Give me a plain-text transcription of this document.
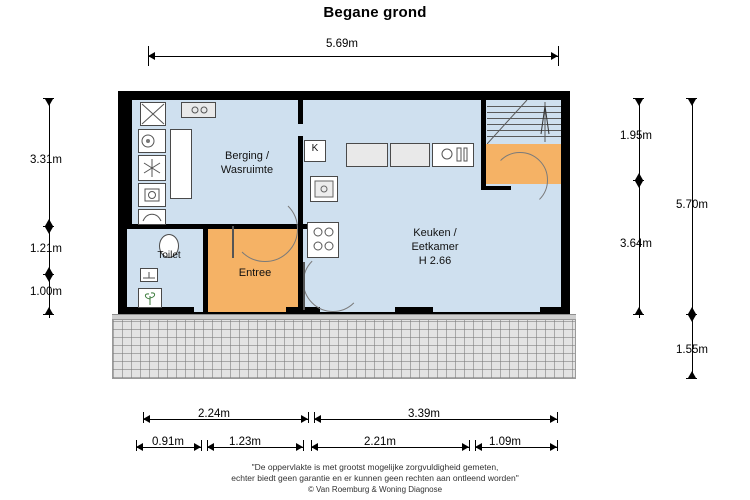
Begane grond
Berging /
Wasruimte
Keuken /
Eetkamer
H 2.66
Entree
Toilet
K
5.69m
3.31m
1.21m
1.00m
1.95m
3.64m
5.70m
1.55m
2.24m	3.39m
0.91m	1.23m	2.21m	1.09m
"De oppervlakte is met grootst mogelijke zorgvuldigheid gemeten,
echter biedt geen garantie en er kunnen geen rechten aan ontleend worden"
© Van Roemburg & Woning Diagnose
